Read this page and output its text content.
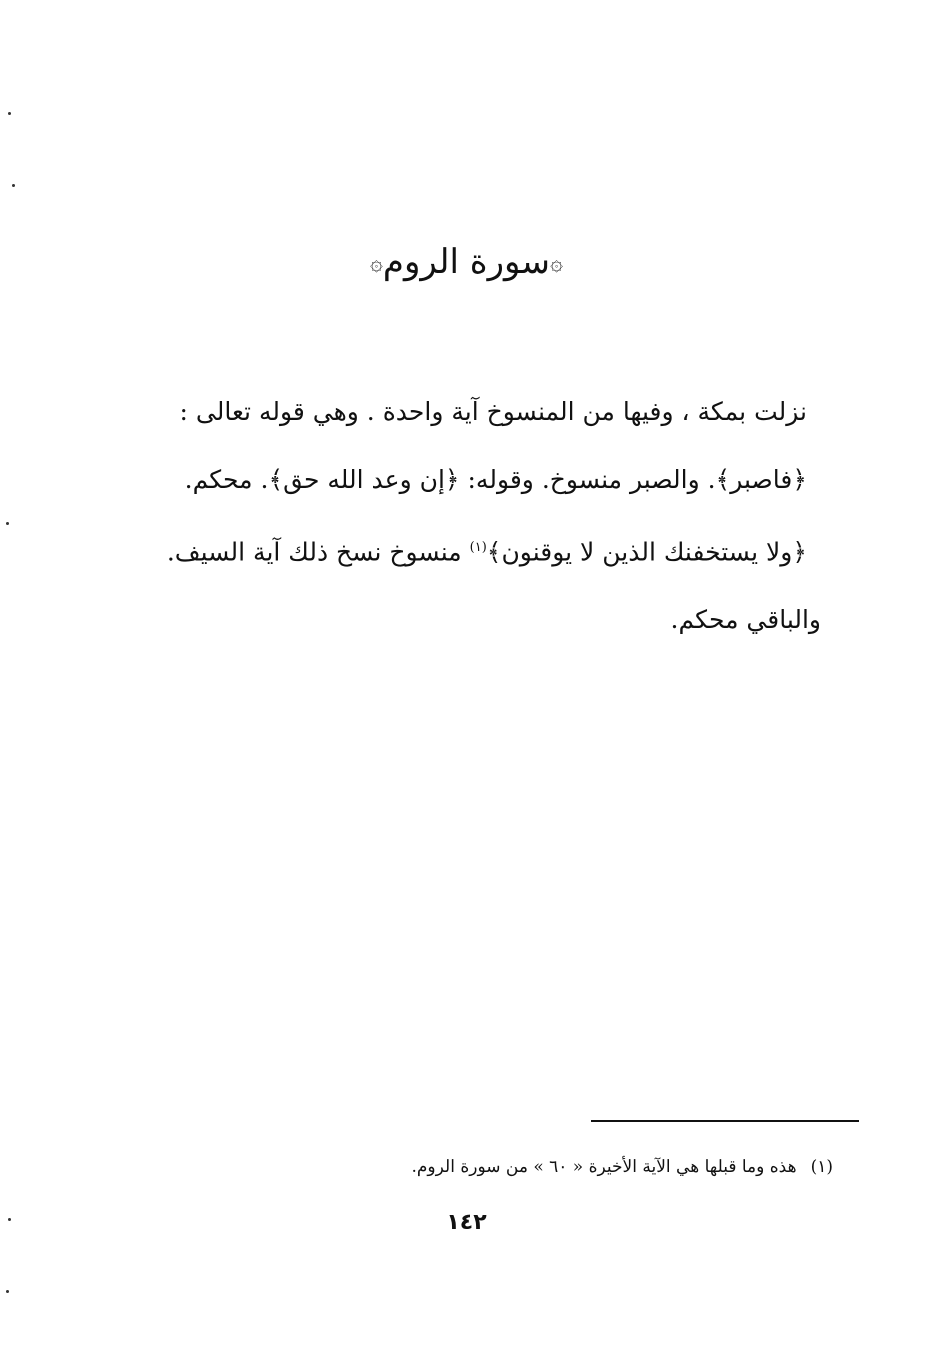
۞سورة الروم۞

نزلت بمكة ، وفيها من المنسوخ آية واحدة . وهي قوله تعالى :

﴿فاصبر﴾. والصبر منسوخ. وقوله: ﴿إن وعد الله حق﴾. محكم.

﴿ولا يستخفنك الذين لا يوقنون﴾$^{(١)}$ منسوخ نسخ ذلك آية السيف.

والباقي محكم.

(١)هذه وما قبلها هي الآية الأخيرة « ٦٠ » من سورة الروم.
١٤٢
